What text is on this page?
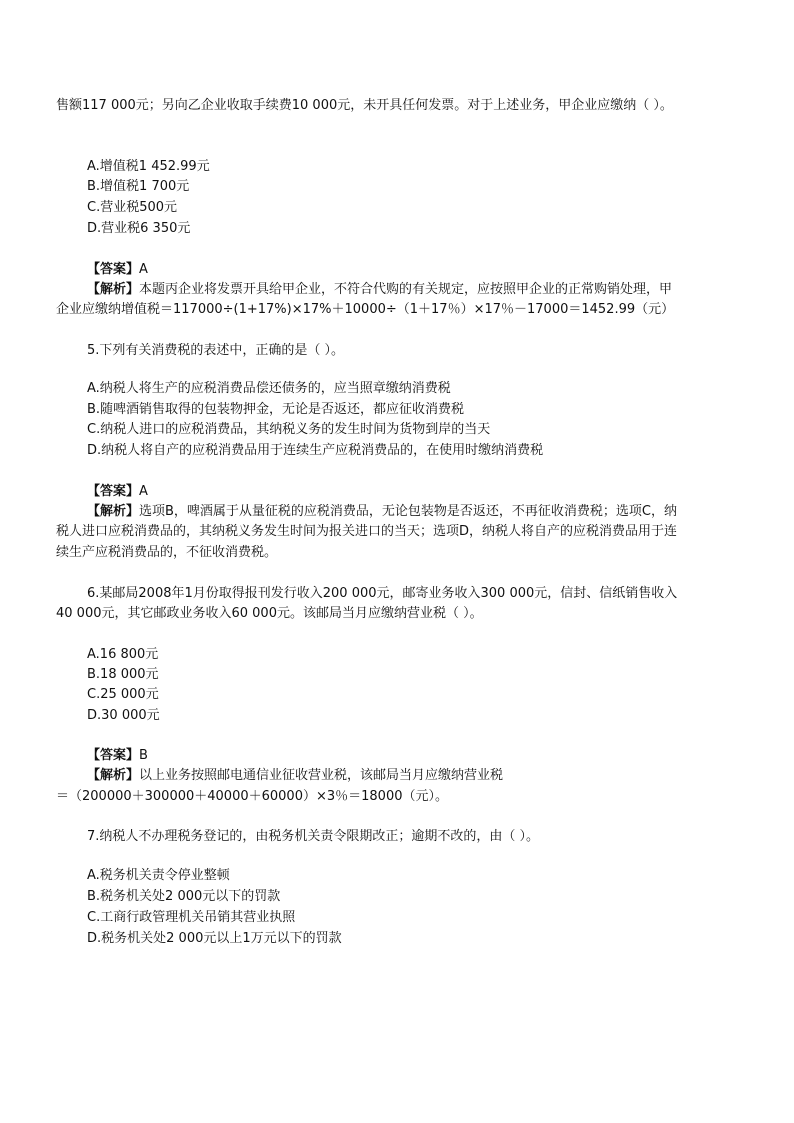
售额117 000元；另向乙企业收取手续费10 000元，未开具任何发票。对于上述业务，甲企业应缴纳（ ）。
A.增值税1 452.99元
B.增值税1 700元
C.营业税500元
D.营业税6 350元
【答案】A
【解析】本题丙企业将发票开具给甲企业，不符合代购的有关规定，应按照甲企业的正常购销处理，甲
企业应缴纳增值税＝117000÷(1+17%)×17%＋10000÷（1＋17％）×17％－17000＝1452.99（元）
5.下列有关消费税的表述中，正确的是（ ）。
A.纳税人将生产的应税消费品偿还债务的，应当照章缴纳消费税
B.随啤酒销售取得的包装物押金，无论是否返还，都应征收消费税
C.纳税人进口的应税消费品，其纳税义务的发生时间为货物到岸的当天
D.纳税人将自产的应税消费品用于连续生产应税消费品的，在使用时缴纳消费税
【答案】A
【解析】选项B，啤酒属于从量征税的应税消费品，无论包装物是否返还，不再征收消费税；选项C，纳
税人进口应税消费品的，其纳税义务发生时间为报关进口的当天；选项D，纳税人将自产的应税消费品用于连
续生产应税消费品的，不征收消费税。
6.某邮局2008年1月份取得报刊发行收入200 000元，邮寄业务收入300 000元，信封、信纸销售收入
40 000元，其它邮政业务收入60 000元。该邮局当月应缴纳营业税（ ）。
A.16 800元
B.18 000元
C.25 000元
D.30 000元
【答案】B
【解析】以上业务按照邮电通信业征收营业税，该邮局当月应缴纳营业税
＝（200000＋300000＋40000＋60000）×3％＝18000（元）。
7.纳税人不办理税务登记的，由税务机关责令限期改正；逾期不改的，由（ ）。
A.税务机关责令停业整顿
B.税务机关处2 000元以下的罚款
C.工商行政管理机关吊销其营业执照
D.税务机关处2 000元以上1万元以下的罚款
